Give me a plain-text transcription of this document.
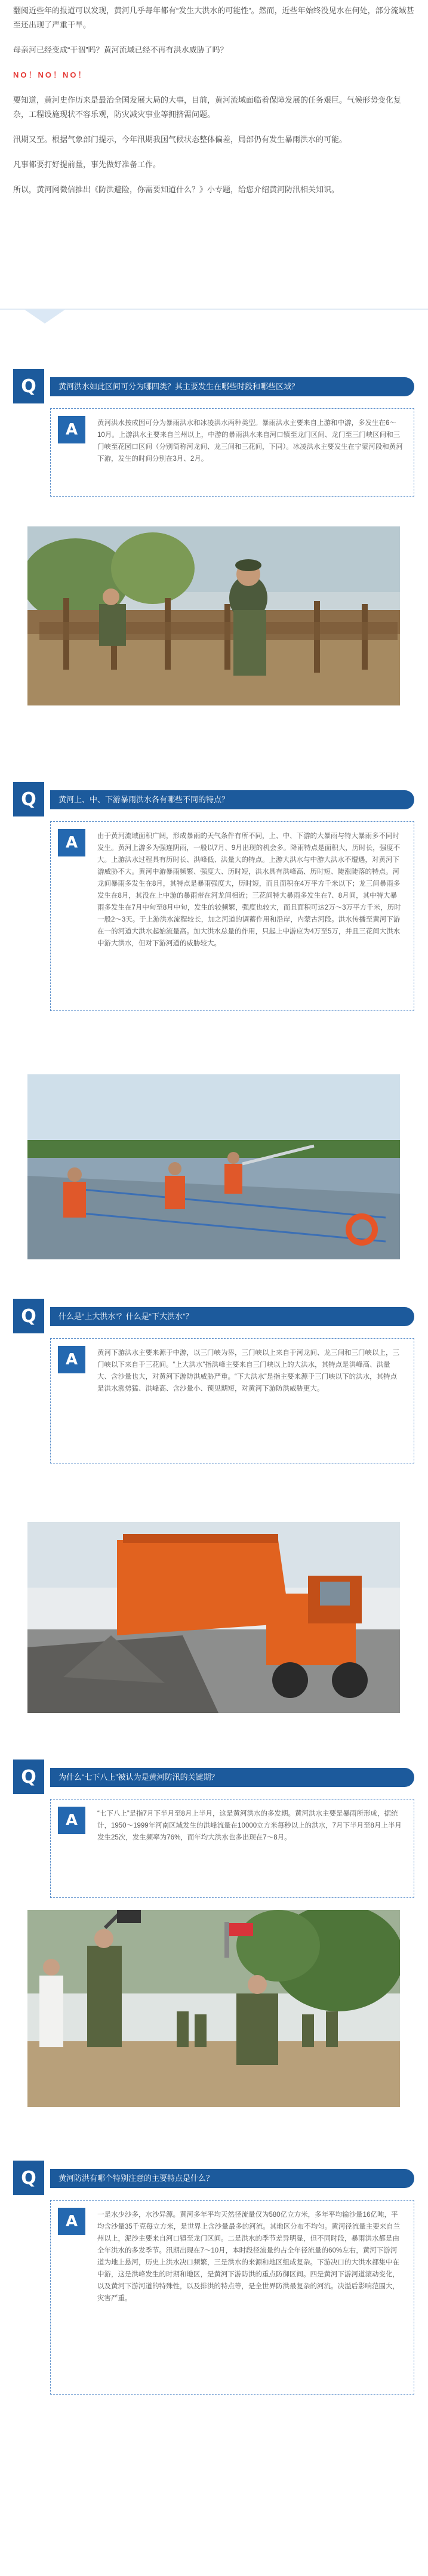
翻阅近些年的报道可以发现，黄河几乎每年都有“发生大洪水的可能性”。然而，近些年始终没见水在何处，部分流域甚至还出现了严重干旱。

母亲河已经变成“干涸”吗？黄河流域已经不再有洪水威胁了吗？

NO！NO！NO！

要知道，黄河史作历来是最治全国发展大局的大事，目前，黄河流域面临着保障发展的任务艰巨。气候形势变化复杂，工程设施现状不容乐观，防灾减灾事业等拥挤需问题。

汛期又至。根据气象部门提示，今年汛期我国气候状态整体偏差，局部仍有发生暴雨洪水的可能。

凡事都要打好提前量，事先做好准备工作。

所以，黄河网微信推出《防洪避险，你需要知道什么？》小专题，给您介绍黄河防汛相关知识。

Q	黄河洪水如此区间可分为哪四类？其主要发生在哪些时段和哪些区域？
A	黄河洪水按成因可分为暴雨洪水和冰凌洪水两种类型。暴雨洪水主要来自上游和中游，多发生在6～10月。上游洪水主要来自兰州以上，中游的暴雨洪水来自河口镇至龙门区间、龙门至三门峡区间和三门峡至花园口区间（分别简称河龙间、龙三间和三花间，下同）。冰凌洪水主要发生在宁蒙河段和黄河下游，发生的时间分别在3月、2月。

Q	黄河上、中、下游暴雨洪水各有哪些不同的特点？
A	由于黄河流域面积广阔，形成暴雨的天气条件有所不同，上、中、下游的大暴雨与特大暴雨多不同时发生。黄河上游多为强连阴雨，一般以7月、9月出现的机会多。降雨特点是面积大，历时长，强度不大。上游洪水过程具有历时长、洪峰低、洪量大的特点。上游大洪水与中游大洪水不遭遇，对黄河下游威胁不大。黄河中游暴雨频繁、强度大、历时短，洪水具有洪峰高、历时短、陡涨陡落的特点。河龙间暴雨多发生在8月，其特点是暴雨强度大，历时短，而且面积在4万平方千米以下；龙三间暴雨多发生在8月，其没在上中游的暴雨带在河龙间相近；三花间特大暴雨多发生在7、8月间，其中特大暴雨多发生在7月中旬至8月中旬，发生的较频繁，强度也较大，而且面积可达2万～3万平方千米，历时一般2～3天。于上游洪水流程较长，加之河道的调蓄作用和沿岸，内蒙古河段。洪水传播至黄河下游在一的河道大洪水起始流量高。加大洪水总量的作用，只起上中游应为4万至5万，并且三花间大洪水中游大洪水，但对下游河道的威胁较大。

Q	什么是“上大洪水”？什么是“下大洪水”？
A	黄河下游洪水主要来源于中游，以三门峡为界，三门峡以上来自于河龙间、龙三间和三门峡以上，三门峡以下来自于三花间。“上大洪水”指洪峰主要来自三门峡以上的大洪水，其特点是洪峰高、洪量大、含沙量也大，对黄河下游防洪威胁严重。“下大洪水”是指主要来源于三门峡以下的洪水，其特点是洪水涨势猛、洪峰高、含沙量小、预见期短，对黄河下游防洪威胁更大。

Q	为什么“七下八上”被认为是黄河防汛的关键期？
A	“七下八上”是指7月下半月至8月上半月，这是黄河洪水的多发期。黄河洪水主要是暴雨所形成，据统计，1950～1999年河南区域发生的洪峰流量在10000立方米每秒以上的洪水，7月下半月至8月上半月发生25次，发生频率为76%，而年均大洪水也多出现在7～8月。

Q	黄河防洪有哪个特别注意的主要特点是什么？
A	一是水少沙多，水沙异源。黄河多年平均天然径流量仅为580亿立方米，多年平均输沙量16亿吨，平均含沙量35千克每立方米，是世界上含沙量最多的河流。其地区分布不均匀。黄河径流量主要来自兰州以上，泥沙主要来自河口镇至龙门区间。二是洪水的季节差异明显，但不同时段，暴雨洪水都是由全年洪水的多发季节。汛期出现在7～10月，本时段径流量约占全年径流量的60%左右，黄河下游河道为地上悬河，历史上洪水决口频繁，三是洪水的来源和地区组成复杂。下游决口的大洪水都集中在中游，这是洪峰发生的时期和地区，是黄河下游防洪的重点防御区间。四是黄河下游河道滚动变化，以及黄河下游河道的特殊性，以及排洪的特点等，是全世界防洪最复杂的河流。决溢后影响范围大，灾害严重。
